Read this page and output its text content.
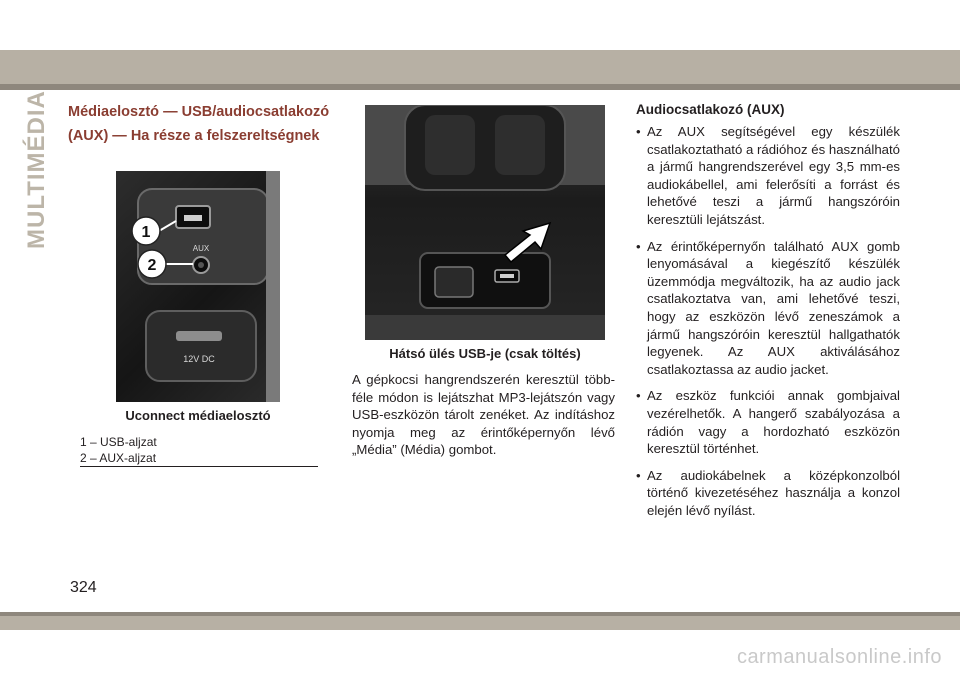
MULTIMÉDIA Médiaelosztó — USB/audiocsatlakozó (AUX) — Ha része a felszereltségnek
AUX
1
2
12V DC
Uconnect médiaelosztó
1 – USB-aljzat
2 – AUX-aljzat
Hátsó ülés USB-je (csak töltés)
A gépkocsi hangrendszerén keresztül több-féle módon is lejátszhat MP3-lejátszón vagy USB-eszközön tárolt zenéket. Az indításhoz nyomja meg az érintőképernyőn lévő „Média” (Média) gombot.
Audiocsatlakozó (AUX)
• Az AUX segítségével egy készülék csatlakoztatható a rádióhoz és használható a jármű hangrendszerével egy 3,5 mm-es audiokábellel, ami felerősíti a forrást és lehetővé teszi a jármű hangszóróin keresztüli lejátszást.
• Az érintőképernyőn található AUX gomb lenyomásával a kiegészítő készülék üzemmódja megváltozik, ha az audio jack csatlakoztatva van, ami lehetővé teszi, hogy az eszközön lévő zeneszámok a jármű hangszóróin keresztül hallgathatók legyenek. Az AUX aktiválásához csatlakoztassa az audio jacket.
• Az eszköz funkciói annak gombjaival vezérelhetők. A hangerő szabályozása a rádión vagy a hordozható eszközön keresztül történhet.
• Az audiokábelnek a középkonzolból történő kivezetéséhez használja a konzol elején lévő nyílást.
324
carmanualsonline.info
